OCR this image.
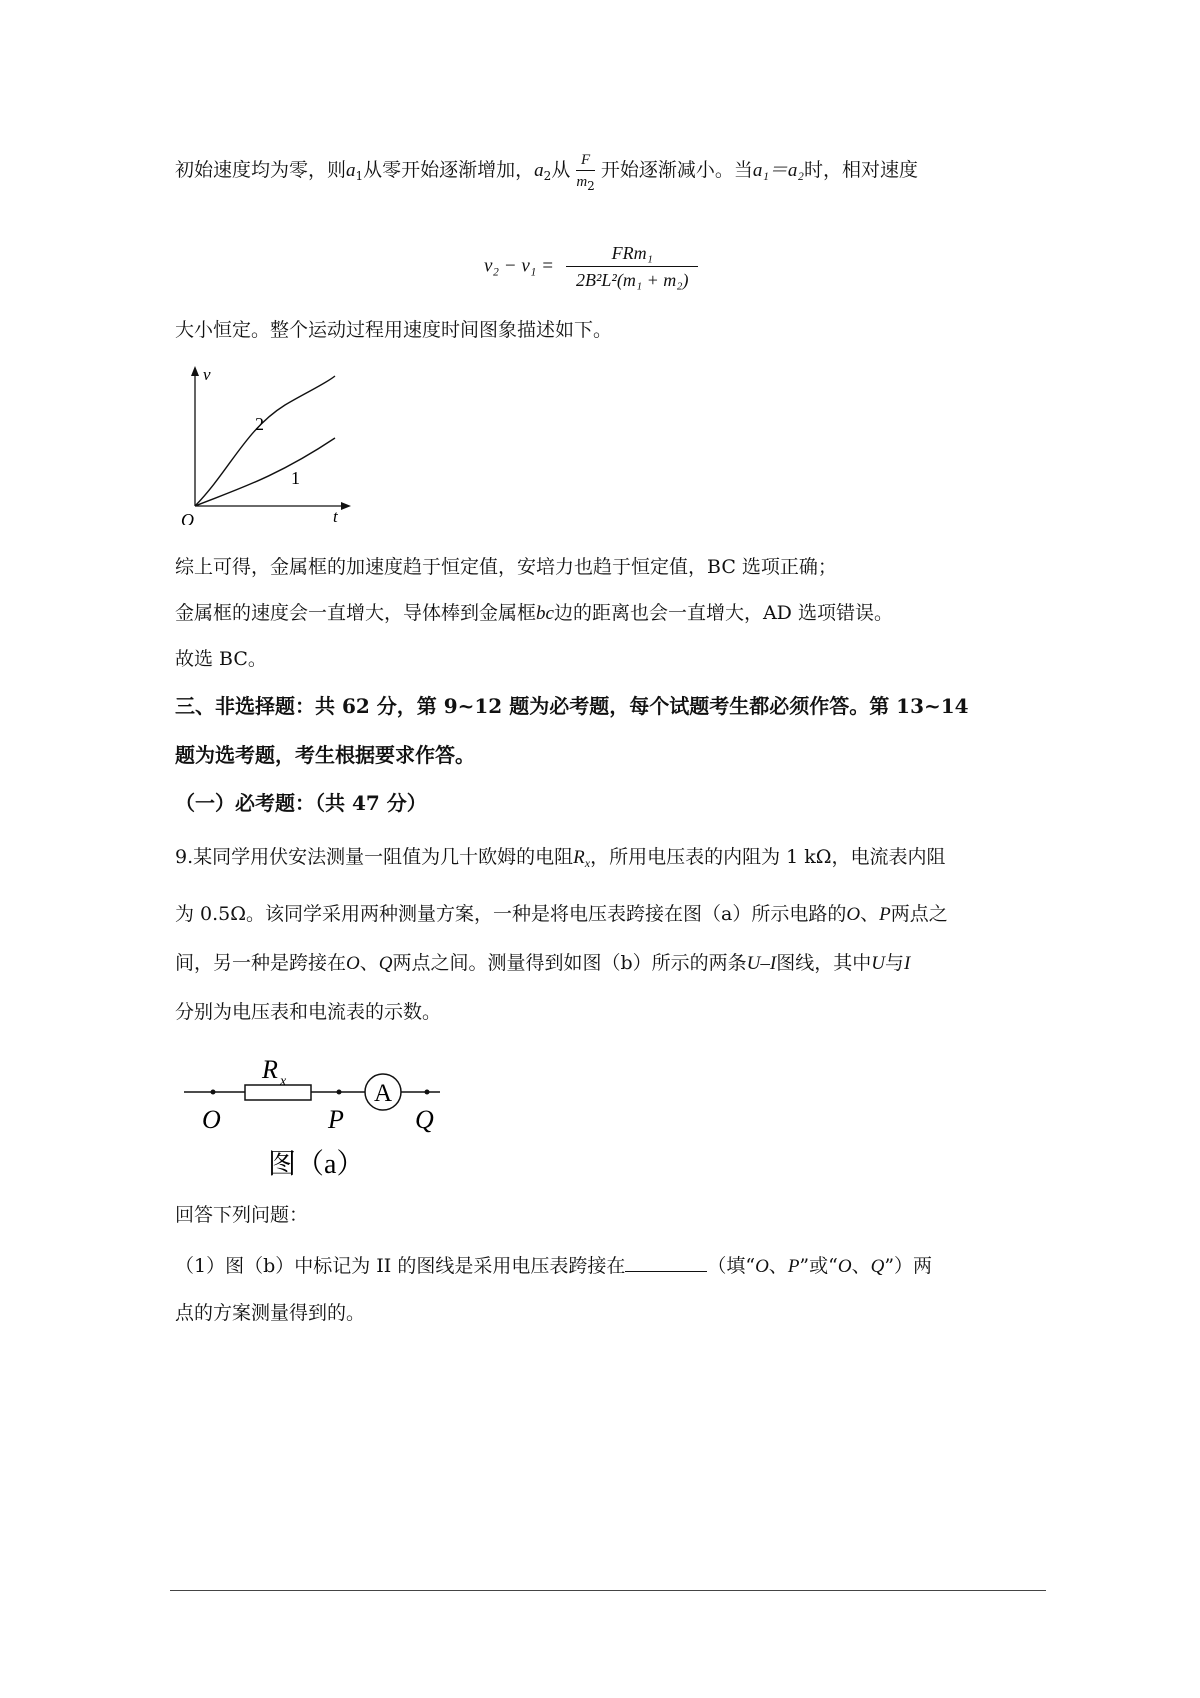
初始速度均为零，则$a_1$从零开始逐渐增加，$a_2$从 $\frac{F}{m_2}$ 开始逐渐减小。当a₁＝a₂时，相对速度
$v_2 - v_1 = \frac{\text{FRm₁}}{\text{2B²L²(m₁ + m₂)}}$
大小恒定。整个运动过程用速度时间图象描述如下。
v
t
O
2
1
综上可得，金属框的加速度趋于恒定值，安培力也趋于恒定值，BC 选项正确；
金属框的速度会一直增大，导体棒到金属框bc边的距离也会一直增大，AD 选项错误。
故选 BC。
三、非选择题：共 62 分，第 9~12 题为必考题，每个试题考生都必须作答。第 13~14
题为选考题，考生根据要求作答。
（一）必考题：（共 47 分）
9.某同学用伏安法测量一阻值为几十欧姆的电阻$R_x$，所用电压表的内阻为 1 kΩ，电流表内阻
为 0.5Ω。该同学采用两种测量方案，一种是将电压表跨接在图（a）所示电路的O、P两点之
间，另一种是跨接在O、Q两点之间。测量得到如图（b）所示的两条U–I图线，其中U与I
分别为电压表和电流表的示数。
R x	A
O	P	Q
图（a）
回答下列问题：
（1）图（b）中标记为 II 的图线是采用电压表跨接在	（填“O、P”或“O、Q”）两
点的方案测量得到的。
